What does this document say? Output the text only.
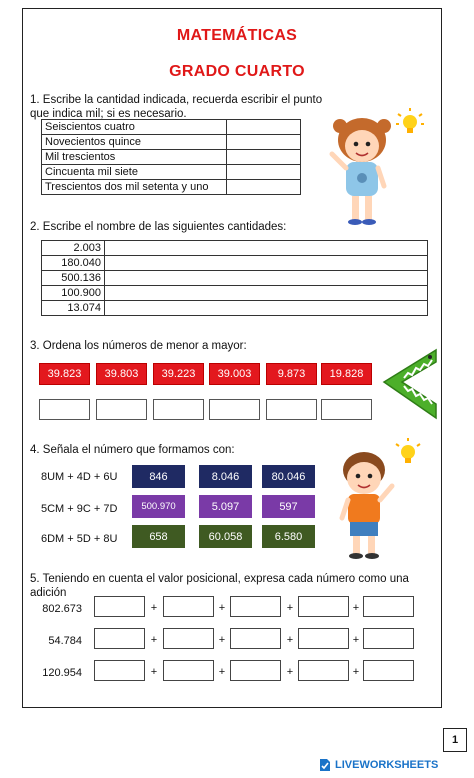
MATEMÁTICAS
GRADO CUARTO
1. Escribe la cantidad indicada, recuerda escribir el punto que indica mil; si es necesario.
Seiscientos cuatro	
Novecientos quince	
Mil trescientos	
Cincuenta mil siete	
Trescientos dos mil setenta y uno	
2. Escribe el nombre de las siguientes cantidades:
2.003	
180.040	
500.136	
100.900	
13.074	
3. Ordena los números de menor a mayor:
39.823	39.803	39.223	39.003	9.873	19.828
4. Señala el número que formamos con:
8UM + 4D + 6U	846	8.046	80.046
5CM + 9C + 7D	500.970	5.097	597
6DM + 5D + 8U	658	60.058	6.580
5. Teniendo en cuenta el valor posicional, expresa cada número como una adición
802.673	+	+	+	+
54.784	+	+	+	+
120.954	+	+	+	+
1
LIVEWORKSHEETS
